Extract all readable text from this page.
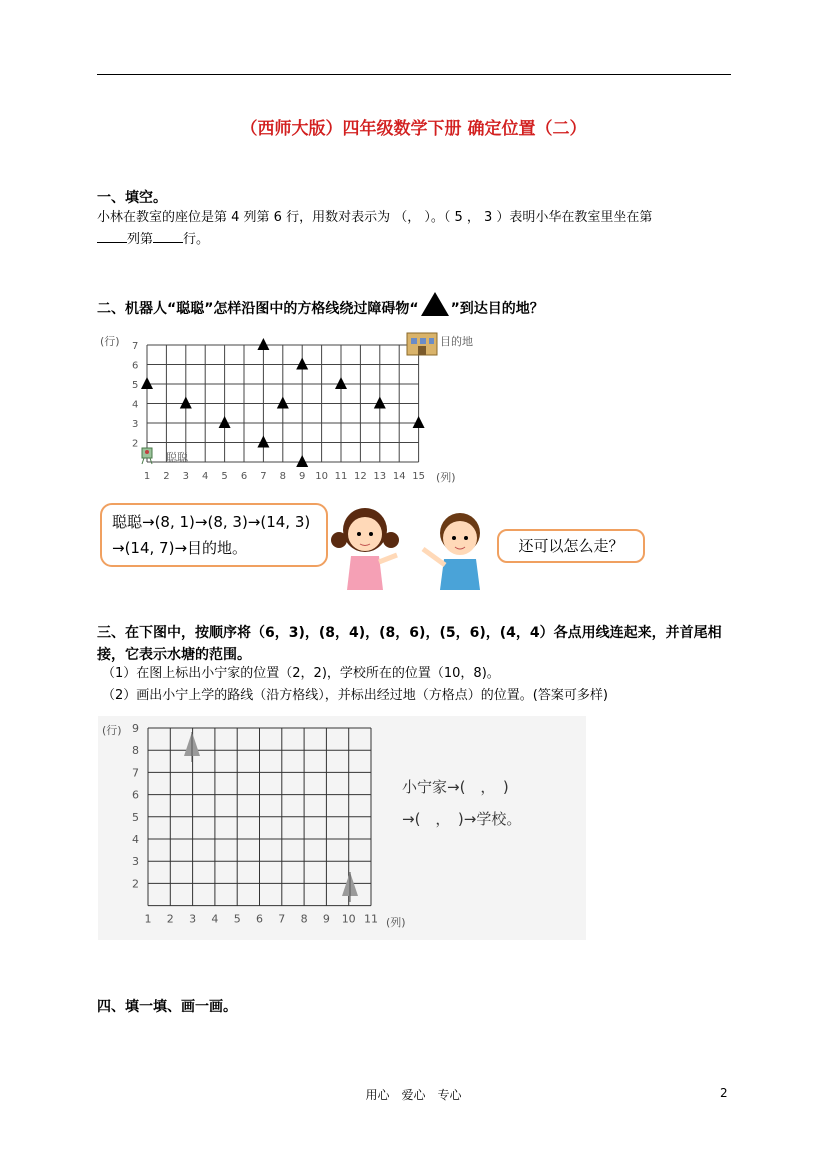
（西师大版）四年级数学下册 确定位置（二）
一、填空。
小林在教室的座位是第 4 列第 6 行，用数对表示为 （， ）。（ 5 ， 3 ）表明小华在教室里坐在第
列第 行。
二、机器人“聪聪”怎样沿图中的方格线绕过障碍物“ ”到达目的地？
(行) 7
6
5
4
3
2
1 2 3 4 5 6 7 8 9 10 11 12 13 14 15 (列)
目的地
聪聪
聪聪→(8, 1)→(8, 3)→(14, 3)
→(14, 7)→目的地。	还可以怎么走？
三、在下图中，按顺序将（6，3)，(8，4)，(8，6)，(5，6)，(4，4）各点用线连起来，并首尾相
接，它表示水塘的范围。
（1）在图上标出小宁家的位置（2，2)，学校所在的位置（10，8)。
（2）画出小宁上学的路线（沿方格线），并标出经过地（方格点）的位置。(答案可多样)
(行) 9
8
7
6
5
4
3
2
1 2 3 4 5 6 7 8 9 10 11 (列)
小宁家→(　，　)
→(　，　)→学校。
四、填一填、画一画。
用心　爱心　专心	2
